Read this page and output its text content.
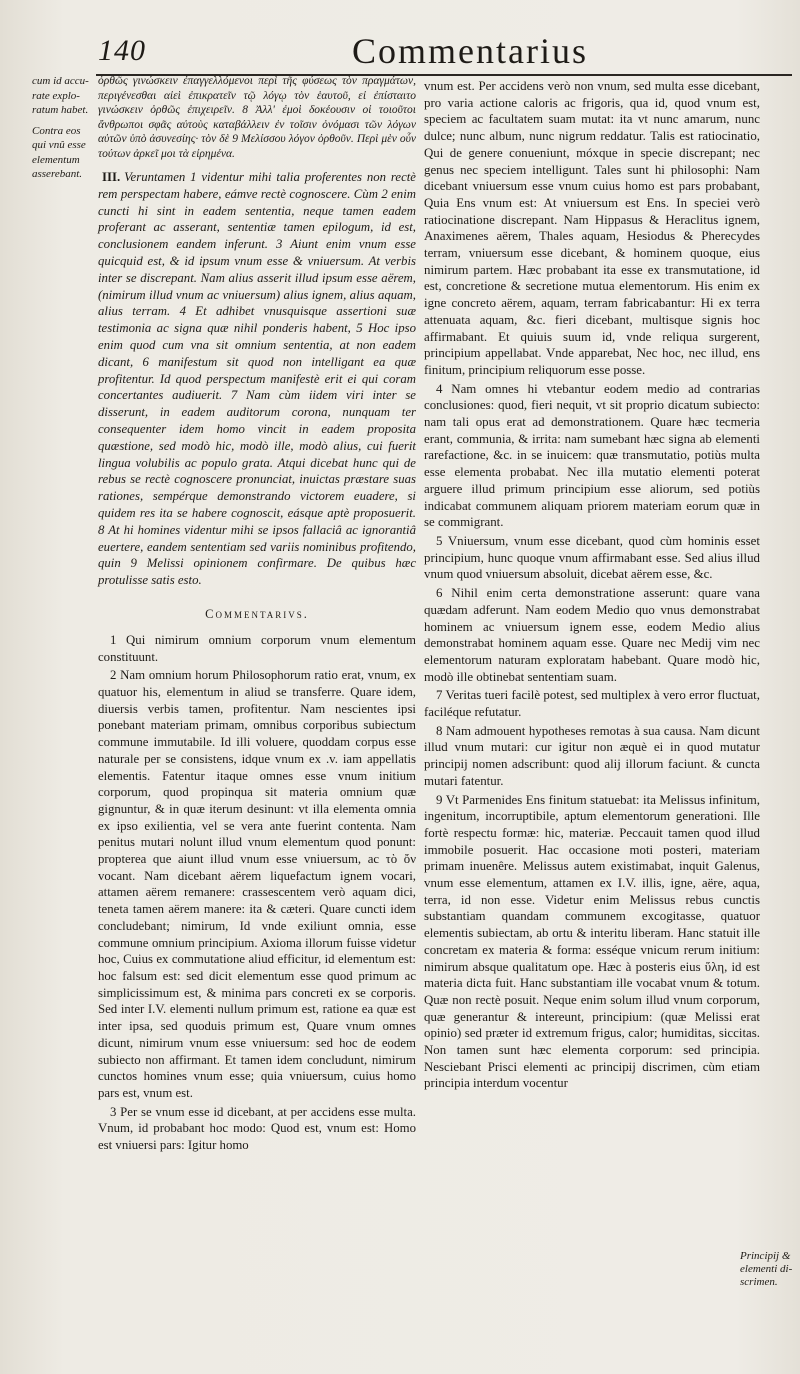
140	Commentarius
cum id accu-rate explo-ratum habet.
Contra eos qui vnû esse elementum asserebant.

ὀρθῶς γινώσκειν ἐπαγγελλόμενοι περὶ τῆς φύσεως τὸν πραγμάτων, περιγένεσθαι αἰεὶ ἐπικρατεῖν τῷ λόγῳ τὸν ἑαυτοῦ, εἰ ἐπίσταιτο γινώσκειν ὀρθῶς ἐπιχειρεῖν. 8 Ἀλλ' ἐμοὶ δοκέουσιν οἱ τοιοῦτοι ἄνθρωποι σφᾶς αὐτοὺς καταβάλλειν ἐν τοῖσιν ὀνόμασι τῶν λόγων αὐτῶν ὑπὸ ἀσυνεσίης· τὸν δὲ 9 Μελίσσου λόγον ὀρθοῦν. Περὶ μὲν οὖν τούτων ἀρκεῖ μοι τὰ εἰρημένα.

III. Veruntamen 1 videntur mihi talia proferentes non rectè rem perspectam habere, eámve rectè cognoscere. Cùm 2 enim cuncti hi sint in eadem sententia, neque tamen eadem proferant ac asserant, sententiæ tamen epilogum, id est, conclusionem eandem inferunt. 3 Aiunt enim vnum esse quicquid est, & id ipsum vnum esse & vniuersum. At verbis inter se discrepant. Nam alius asserit illud ipsum esse aërem, (nimirum illud vnum ac vniuersum) alius ignem, alius aquam, alius terram. 4 Et adhibet vnusquisque assertioni suæ testimonia ac signa quæ nihil ponderis habent, 5 Hoc ipso enim quod cum vna sit omnium sententia, at non eadem dicant, 6 manifestum sit quod non intelligant ea quæ profitentur. Id quod perspectum manifestè erit ei qui coram concertantes audiuerit. 7 Nam cùm iidem viri inter se disserunt, in eadem auditorum corona, nunquam ter consequenter idem homo vincit in eadem proposita quæstione, sed modò hic, modò ille, modò alius, cui fuerit lingua volubilis ac populo grata. Atqui dicebat hunc qui de rebus se rectè cognoscere pronunciat, inuictas præstare suas rationes, sempérque demonstrando victorem euadere, si quidem res ita se habere cognoscit, eásque aptè proposuerit. 8 At hi homines videntur mihi se ipsos fallaciâ ac ignorantiâ euertere, eandem sententiam sed variis nominibus profitendo, quin 9 Melissi opinionem confirmare. De quibus hæc protulisse satis esto.

Commentarivs.

1 Qui nimirum omnium corporum vnum elementum constituunt.

2 Nam omnium horum Philosophorum ratio erat, vnum, ex quatuor his, elementum in aliud se transferre. Quare idem, diuersis verbis tamen, profitentur. Nam nescientes ipsi ponebant materiam primam, omnibus corporibus subiectum commune immutabile. Id illi voluere, quoddam corpus esse naturale per se consistens, idque vnum ex .v. iam appellatis elementis. Fatentur itaque omnes esse vnum initium corporum, quod propinqua sit materia omnium quæ gignuntur, & in quæ iterum desinunt: vt illa elementa omnia ex ipso exilientia, vel se vera ante fuerint contenta. Nam penitus mutari nolunt illud vnum elementum quod ponunt: propterea que aiunt illud vnum esse vniuersum, ac τὸ ὄν vocant. Nam dicebant aërem liquefactum ignem vocari, attamen aërem remanere: crassescentem verò aquam dici, teneta tamen aërem manere: ita & cæteri. Quare cuncti idem concludebant; nimirum, Id vnde exiliunt omnia, esse commune omnium principium. Axioma illorum fuisse videtur hoc, Cuius ex commutatione aliud efficitur, id elementum est: hoc falsum est: sed dicit elementum esse quod primum ac simplicissimum est, & minima pars concreti ex se corporis. Sed inter I.V. elementi nullum primum est, ratione ea quæ est inter ipsa, sed quoduis primum est, Quare vnum omnes dicunt, nimirum vnum esse vniuersum: sed hoc de eodem subiecto non affirmant. Et tamen idem concludunt, nimirum cunctos homines vnum esse; quia vniuersum, cuius homo pars est, vnum est.

3 Per se vnum esse id dicebant, at per accidens esse multa. Vnum, id probabant hoc modo: Quod est, vnum est: Homo est vniuersi pars: Igitur homo

vnum est. Per accidens verò non vnum, sed multa esse dicebant, pro varia actione caloris ac frigoris, qua id, quod vnum est, speciem ac facultatem suam mutat: ita vt nunc amarum, nunc dulce; nunc album, nunc nigrum reddatur. Talis est ratiocinatio, Qui de genere conueniunt, móxque in specie discrepant; nec genus nec speciem intelligunt. Tales sunt hi philosophi: Nam dicebant vniuersum esse vnum cuius homo est pars probabant, Quia Ens vnum est: At vniuersum est Ens. In speciei verò ratiocinatione discrepant. Nam Hippasus & Heraclitus ignem, Anaximenes aërem, Thales aquam, Hesiodus & Pherecydes terram, vniuersum esse dicebant, & hominem quoque, eius nimirum partem. Hæc probabant ita esse ex transmutatione, id est, concretione & secretione mutua elementorum. His enim ex igne concreto aërem, aquam, terram fabricabantur: Hi ex terra attenuata aquam, &c. fieri dicebant, multisque signis hoc affirmabant. Et quiuis suum id, vnde reliqua surgerent, principium appellabat. Vnde apparebat, Nec hoc, nec illud, ens finitum, principium reliquorum esse posse.

4 Nam omnes hi vtebantur eodem medio ad contrarias conclusiones: quod, fieri nequit, vt sit proprio dicatum subiecto: nam tali opus erat ad demonstrationem. Quare hæc tecmeria erant, communia, & irrita: nam sumebant hæc signa ab elementi rarefactione, &c. in se inuicem: quæ transmutatio, potiùs multa esse elementa probabat. Nec illa mutatio elementi poterat arguere illud primum principium esse aliorum, sed potiùs indicabat communem aliquam priorem materiam eorum quæ in se commigrant.

5 Vniuersum, vnum esse dicebant, quod cùm hominis esset principium, hunc quoque vnum affirmabant esse. Sed alius illud vnum quod vniuersum absoluit, dicebat aërem esse, &c.

6 Nihil enim certa demonstratione asserunt: quare vana quædam adferunt. Nam eodem Medio quo vnus demonstrabat hominem ac vniuersum ignem esse, eodem Medio alius demonstrabat hominem aquam esse. Quare nec Medij vim nec elementorum naturam exploratam habebant. Quare modò hic, modò ille obtinebat sententiam suam.

7 Veritas tueri facilè potest, sed multiplex à vero error fluctuat, faciléque refutatur.

8 Nam admouent hypotheses remotas à sua causa. Nam dicunt illud vnum mutari: cur igitur non æquè ei in quod mutatur principij nomen adscribunt: quod alij illorum faciunt. & cuncta mutari fatentur.

9 Vt Parmenides Ens finitum statuebat: ita Melissus infinitum, ingenitum, incorruptibile, aptum elementorum generationi. Ille fortè respectu formæ: hic, materiæ. Peccauit tamen quod illud immobile posuerit. Hac occasione moti posteri, materiam primam inuenêre. Melissus autem existimabat, inquit Galenus, vnum esse elementum, attamen ex I.V. illis, igne, aëre, aqua, terra, id non esse. Videtur enim Melissus rebus cunctis substantiam quandam communem excogitasse, quatuor elementis subiectam, ab ortu & interitu liberam. Hanc statuit ille concretam ex materia & forma: esséque vnicum rerum initium: nimirum absque qualitatum ope. Hæc à posteris eius ὕλη, id est materia dicta fuit. Hanc substantiam ille vocabat vnum & totum. Quæ non rectè posuit. Neque enim solum illud vnum corporum, quæ generantur & intereunt, principium: (quæ Melissi erat opinio) sed præter id extremum frigus, calor; humiditas, siccitas. Non tamen sunt hæc elementa corporum: sed principia. Nesciebant Prisci elementi ac principij discrimen, cùm etiam principia interdum vocentur

Principij & elementi di-scrimen.
